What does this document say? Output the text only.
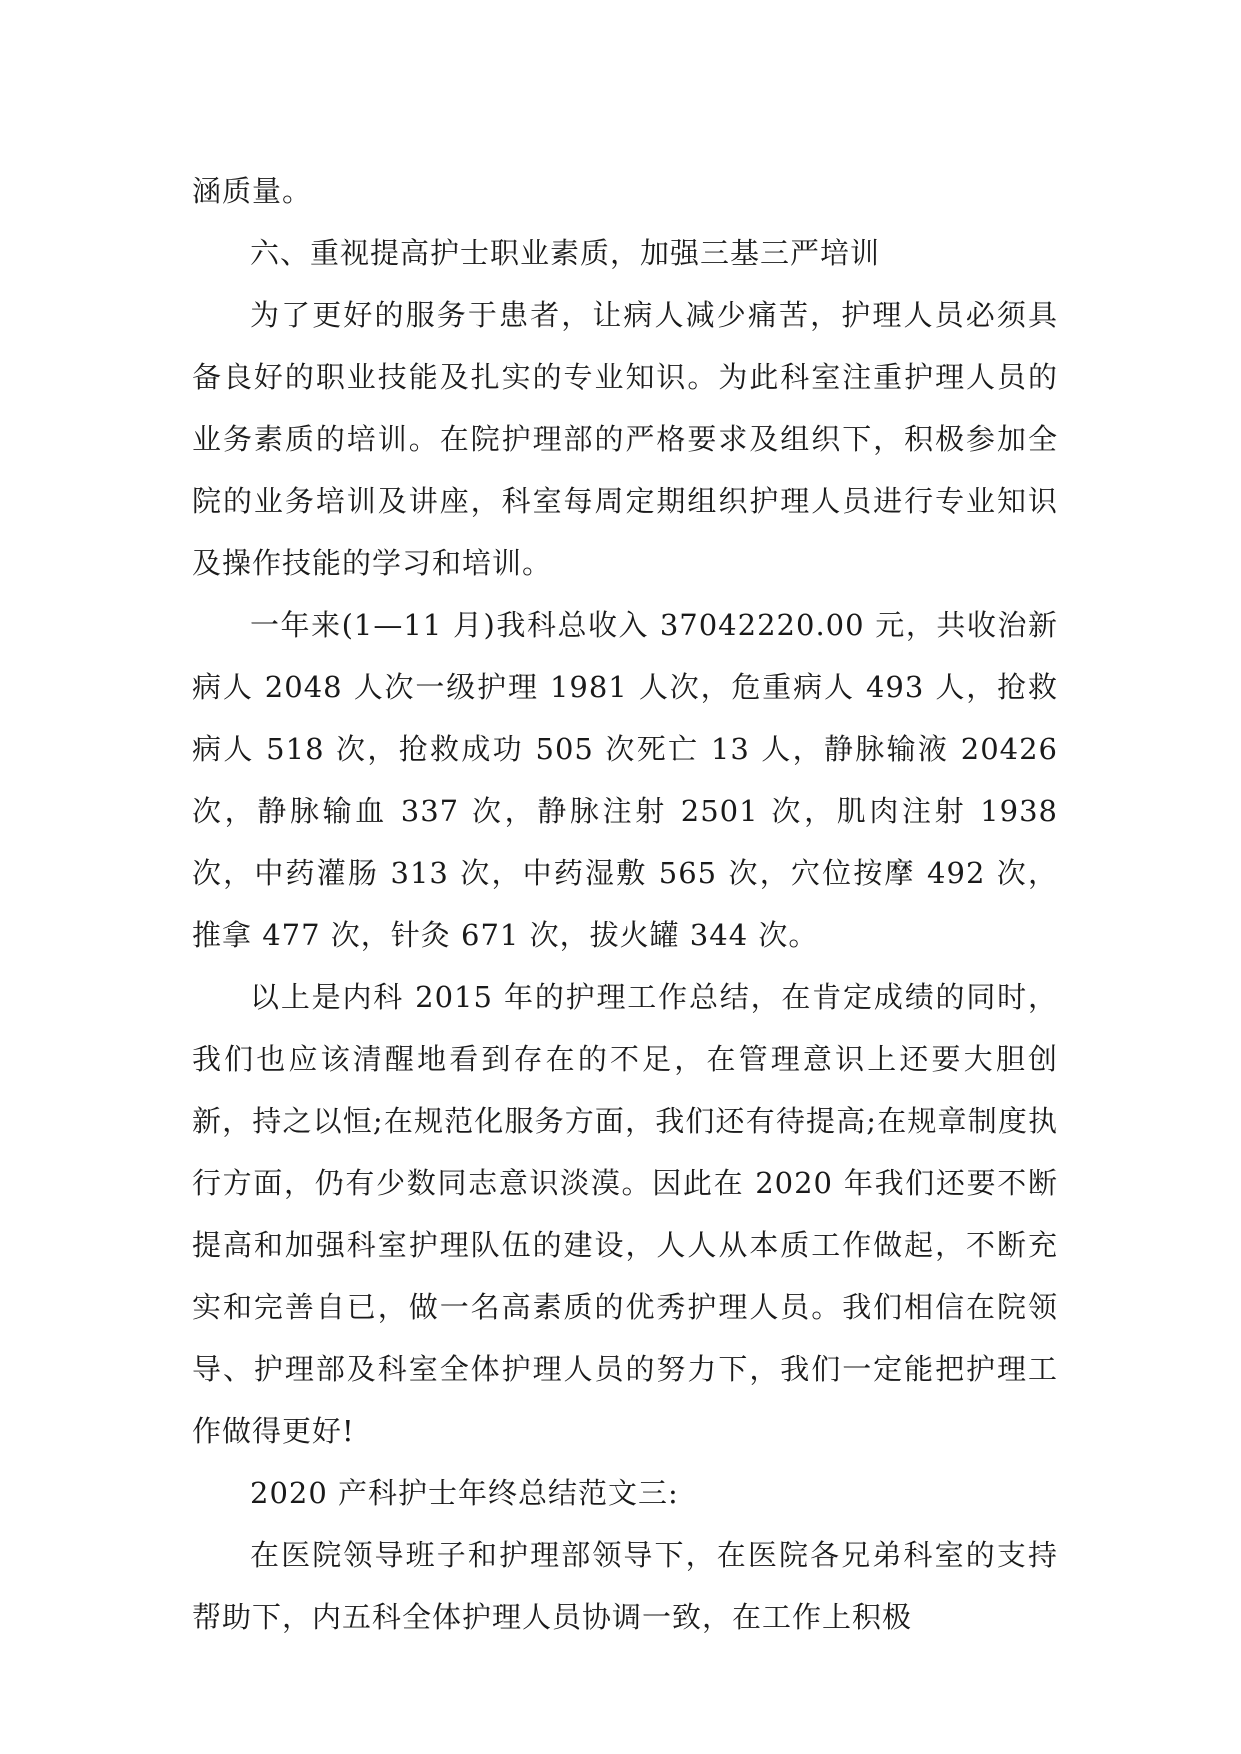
涵质量。

六、重视提高护士职业素质，加强三基三严培训

为了更好的服务于患者，让病人减少痛苦，护理人员必须具备良好的职业技能及扎实的专业知识。为此科室注重护理人员的业务素质的培训。在院护理部的严格要求及组织下，积极参加全院的业务培训及讲座，科室每周定期组织护理人员进行专业知识及操作技能的学习和培训。

一年来(1—11 月)我科总收入 37042220.00 元，共收治新病人 2048 人次一级护理 1981 人次，危重病人 493 人，抢救病人 518 次，抢救成功 505 次死亡 13 人，静脉输液 20426 次，静脉输血 337 次，静脉注射 2501 次，肌肉注射 1938 次，中药灌肠 313 次，中药湿敷 565 次，穴位按摩 492 次，推拿 477 次，针灸 671 次，拔火罐 344 次。

以上是内科 2015 年的护理工作总结，在肯定成绩的同时，我们也应该清醒地看到存在的不足，在管理意识上还要大胆创新，持之以恒;在规范化服务方面，我们还有待提高;在规章制度执行方面，仍有少数同志意识淡漠。因此在 2020 年我们还要不断提高和加强科室护理队伍的建设，人人从本质工作做起，不断充实和完善自已，做一名高素质的优秀护理人员。我们相信在院领导、护理部及科室全体护理人员的努力下，我们一定能把护理工作做得更好!

2020 产科护士年终总结范文三:

在医院领导班子和护理部领导下，在医院各兄弟科室的支持帮助下，内五科全体护理人员协调一致，在工作上积极
